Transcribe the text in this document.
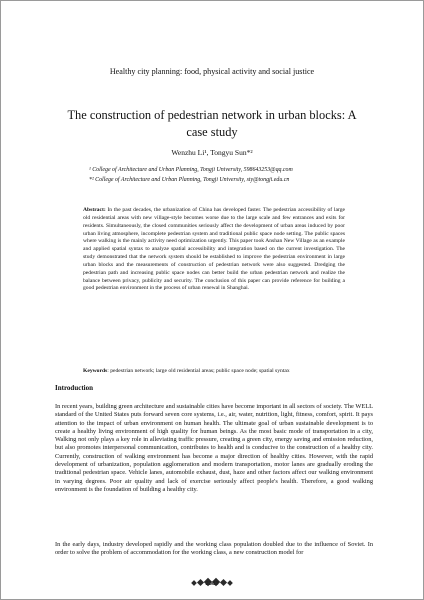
Healthy city planning: food, physical activity and social justice
The construction of pedestrian network in urban blocks: A case study
Wenzhu Li¹, Tongyu Sun*²
¹ College of Architecture and Urban Planning, Tongji University, 598643253@qq.com
*² College of Architecture and Urban Planning, Tongji University, sty@tongji.edu.cn
Abstract: In the past decades, the urbanization of China has developed faster. The pedestrian accessibility of large old residential areas with new village-style becomes worse due to the large scale and few entrances and exits for residents. Simultaneously, the closed communities seriously affect the development of urban areas induced by poor urban living atmosphere, incomplete pedestrian system and traditional public space node setting. The public spaces where walking is the mainly activity need optimization urgently. This paper took Anshan New Village as an example and applied spatial syntax to analyze spatial accessibility and integration based on the current investigation. The study demonstrated that the network system should be established to improve the pedestrian environment in large urban blocks and the measurements of construction of pedestrian network were also suggested. Dredging the pedestrian path and increasing public space nodes can better build the urban pedestrian network and realize the balance between privacy, publicity and security. The conclusion of this paper can provide reference for building a good pedestrian environment in the process of urban renewal in Shanghai.
Keywords: pedestrian network; large old residential areas; public space node; spatial syntax
Introduction
In recent years, building green architecture and sustainable cities have become important in all sectors of society. The WELL standard of the United States puts forward seven core systems, i.e., air, water, nutrition, light, fitness, comfort, spirit. It pays attention to the impact of urban environment on human health. The ultimate goal of urban sustainable development is to create a healthy living environment of high quality for human beings. As the most basic mode of transportation in a city, Walking not only plays a key role in alleviating traffic pressure, creating a green city, energy saving and emission reduction, but also promotes interpersonal communication, contributes to health and is conducive to the construction of a healthy city. Currently, construction of walking environment has become a major direction of healthy cities. However, with the rapid development of urbanization, population agglomeration and modern transportation, motor lanes are gradually eroding the traditional pedestrian space. Vehicle lanes, automobile exhaust, dust, haze and other factors affect our walking environment in varying degrees. Poor air quality and lack of exercise seriously affect people's health. Therefore, a good walking environment is the foundation of building a healthy city.
In the early days, industry developed rapidly and the working class population doubled due to the influence of Soviet. In order to solve the problem of accommodation for the working class, a new construction model for
2383
